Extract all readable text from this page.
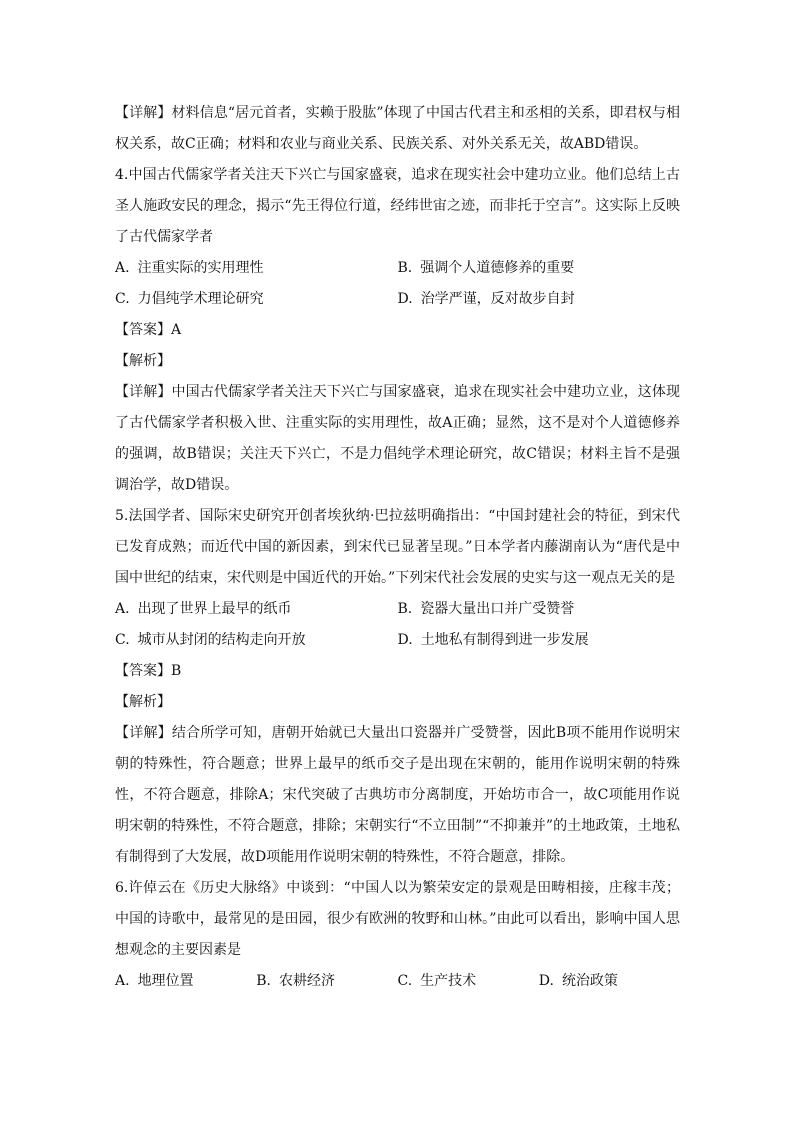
【详解】材料信息“居元首者，实赖于股肱”体现了中国古代君主和丞相的关系，即君权与相权关系，故C正确；材料和农业与商业关系、民族关系、对外关系无关，故ABD错误。

4.中国古代儒家学者关注天下兴亡与国家盛衰，追求在现实社会中建功立业。他们总结上古圣人施政安民的理念，揭示“先王得位行道，经纬世宙之迹，而非托于空言”。这实际上反映了古代儒家学者

A. 注重实际的实用理性	B. 强调个人道德修养的重要
C. 力倡纯学术理论研究	D. 治学严谨，反对故步自封

【答案】A

【解析】

【详解】中国古代儒家学者关注天下兴亡与国家盛衰，追求在现实社会中建功立业，这体现了古代儒家学者积极入世、注重实际的实用理性，故A正确；显然，这不是对个人道德修养的强调，故B错误；关注天下兴亡，不是力倡纯学术理论研究，故C错误；材料主旨不是强调治学，故D错误。

5.法国学者、国际宋史研究开创者埃狄纳·巴拉兹明确指出：“中国封建社会的特征，到宋代已发育成熟；而近代中国的新因素，到宋代已显著呈现。”日本学者内藤湖南认为“唐代是中国中世纪的结束，宋代则是中国近代的开始。”下列宋代社会发展的史实与这一观点无关的是

A. 出现了世界上最早的纸币	B. 瓷器大量出口并广受赞誉
C. 城市从封闭的结构走向开放	D. 土地私有制得到进一步发展

【答案】B

【解析】

【详解】结合所学可知，唐朝开始就已大量出口瓷器并广受赞誉，因此B项不能用作说明宋朝的特殊性，符合题意；世界上最早的纸币交子是出现在宋朝的，能用作说明宋朝的特殊性，不符合题意，排除A；宋代突破了古典坊市分离制度，开始坊市合一，故C项能用作说明宋朝的特殊性，不符合题意，排除；宋朝实行“不立田制”“不抑兼并”的土地政策，土地私有制得到了大发展，故D项能用作说明宋朝的特殊性，不符合题意，排除。

6.许倬云在《历史大脉络》中谈到：“中国人以为繁荣安定的景观是田畴相接，庄稼丰茂；中国的诗歌中，最常见的是田园，很少有欧洲的牧野和山林。”由此可以看出，影响中国人思想观念的主要因素是

A. 地理位置	B. 农耕经济	C. 生产技术	D. 统治政策
